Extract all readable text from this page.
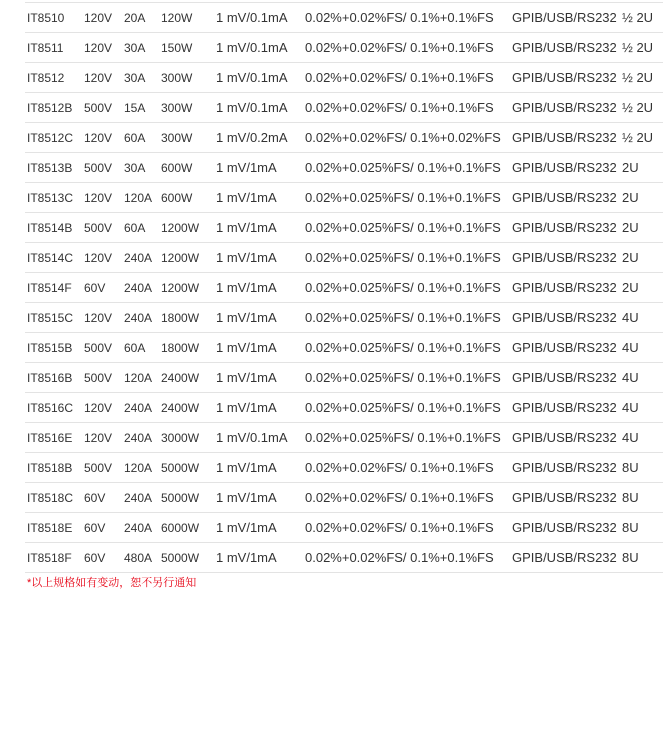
IT8510	120V	20A	120W	1 mV/0.1mA	0.02%+0.02%FS/ 0.1%+0.1%FS	GPIB/USB/RS232	½ 2U
IT8511	120V	30A	150W	1 mV/0.1mA	0.02%+0.02%FS/ 0.1%+0.1%FS	GPIB/USB/RS232	½ 2U
IT8512	120V	30A	300W	1 mV/0.1mA	0.02%+0.02%FS/ 0.1%+0.1%FS	GPIB/USB/RS232	½ 2U
IT8512B	500V	15A	300W	1 mV/0.1mA	0.02%+0.02%FS/ 0.1%+0.1%FS	GPIB/USB/RS232	½ 2U
IT8512C	120V	60A	300W	1 mV/0.2mA	0.02%+0.02%FS/ 0.1%+0.02%FS	GPIB/USB/RS232	½ 2U
IT8513B	500V	30A	600W	1 mV/1mA	0.02%+0.025%FS/ 0.1%+0.1%FS	GPIB/USB/RS232	2U
IT8513C	120V	120A	600W	1 mV/1mA	0.02%+0.025%FS/ 0.1%+0.1%FS	GPIB/USB/RS232	2U
IT8514B	500V	60A	1200W	1 mV/1mA	0.02%+0.025%FS/ 0.1%+0.1%FS	GPIB/USB/RS232	2U
IT8514C	120V	240A	1200W	1 mV/1mA	0.02%+0.025%FS/ 0.1%+0.1%FS	GPIB/USB/RS232	2U
IT8514F	60V	240A	1200W	1 mV/1mA	0.02%+0.025%FS/ 0.1%+0.1%FS	GPIB/USB/RS232	2U
IT8515C	120V	240A	1800W	1 mV/1mA	0.02%+0.025%FS/ 0.1%+0.1%FS	GPIB/USB/RS232	4U
IT8515B	500V	60A	1800W	1 mV/1mA	0.02%+0.025%FS/ 0.1%+0.1%FS	GPIB/USB/RS232	4U
IT8516B	500V	120A	2400W	1 mV/1mA	0.02%+0.025%FS/ 0.1%+0.1%FS	GPIB/USB/RS232	4U
IT8516C	120V	240A	2400W	1 mV/1mA	0.02%+0.025%FS/ 0.1%+0.1%FS	GPIB/USB/RS232	4U
IT8516E	120V	240A	3000W	1 mV/0.1mA	0.02%+0.025%FS/ 0.1%+0.1%FS	GPIB/USB/RS232	4U
IT8518B	500V	120A	5000W	1 mV/1mA	0.02%+0.02%FS/ 0.1%+0.1%FS	GPIB/USB/RS232	8U
IT8518C	60V	240A	5000W	1 mV/1mA	0.02%+0.02%FS/ 0.1%+0.1%FS	GPIB/USB/RS232	8U
IT8518E	60V	240A	6000W	1 mV/1mA	0.02%+0.02%FS/ 0.1%+0.1%FS	GPIB/USB/RS232	8U
IT8518F	60V	480A	5000W	1 mV/1mA	0.02%+0.02%FS/ 0.1%+0.1%FS	GPIB/USB/RS232	8U
*以上规格如有变动，恕不另行通知
